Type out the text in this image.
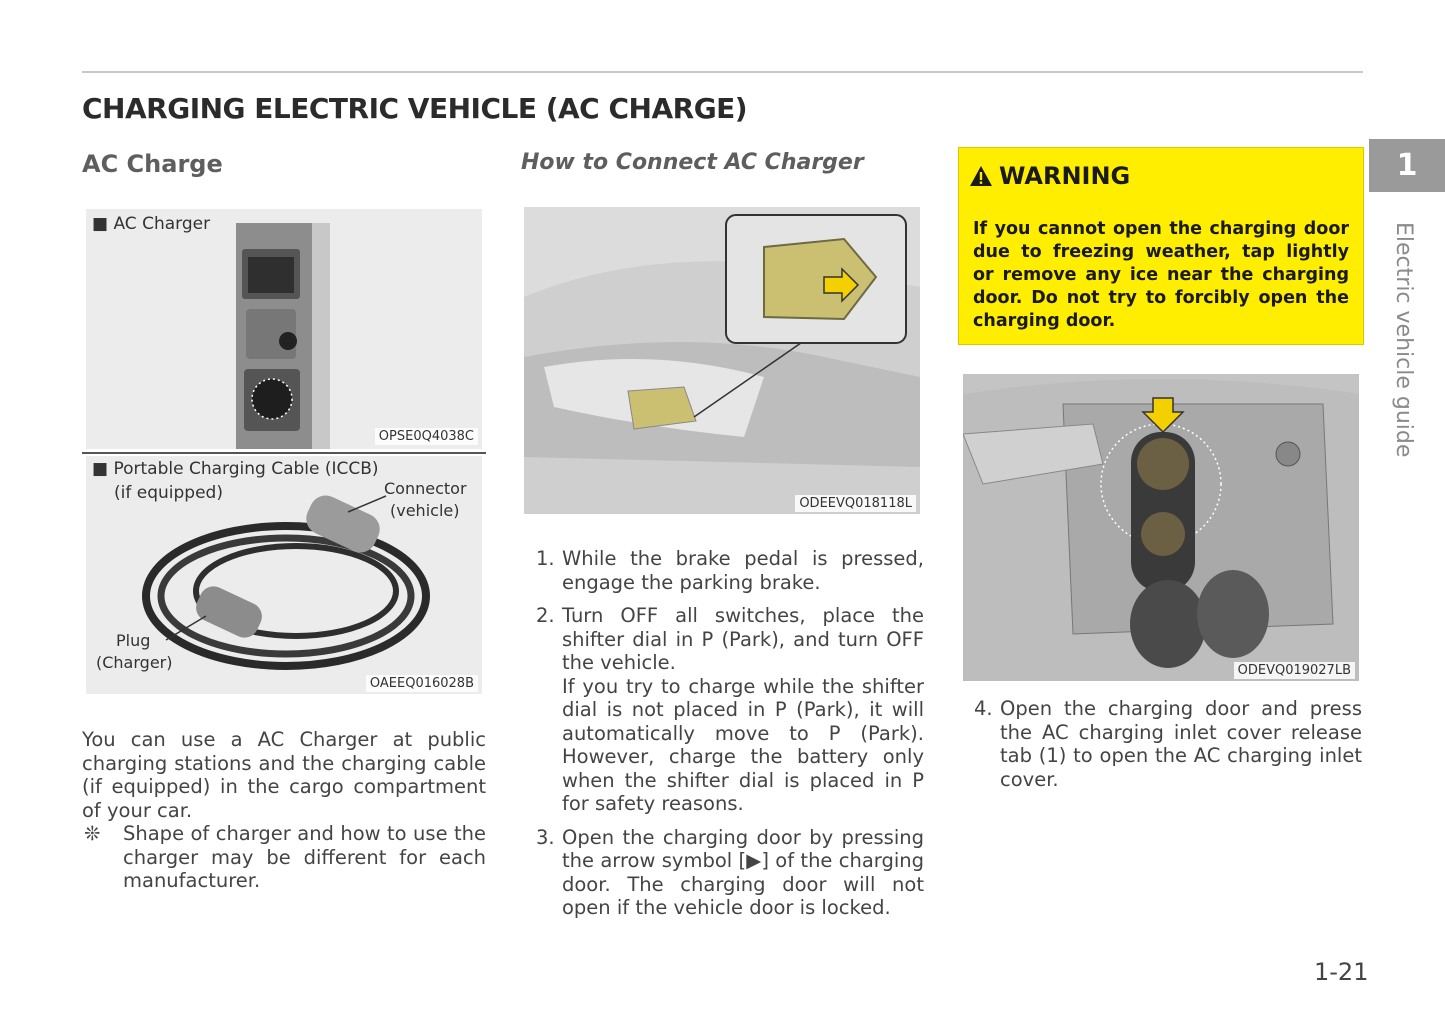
CHARGING ELECTRIC VEHICLE (AC CHARGE)
AC Charge
■ AC Charger
OPSE0Q4038C
■ Portable Charging Cable (ICCB)
(if equipped)	Connector
(vehicle)
Plug
(Charger)
OAEEQ016028B
You can use a AC Charger at public charging stations and the charging cable (if equipped) in the cargo compartment of your car.
❊ Shape of charger and how to use the charger may be different for each manufacturer.
How to Connect AC Charger
ODEEVQ018118L
1. While the brake pedal is pressed, engage the parking brake.
2. Turn OFF all switches, place the shifter dial in P (Park), and turn OFF the vehicle.
If you try to charge while the shifter dial is not placed in P (Park), it will automatically move to P (Park). However, charge the battery only when the shifter dial is placed in P for safety reasons.
3. Open the charging door by pressing the arrow symbol [▶] of the charging door. The charging door will not open if the vehicle door is locked.
WARNING
If you cannot open the charging door due to freezing weather, tap lightly or remove any ice near the charging door. Do not try to forcibly open the charging door.
ODEVQ019027LB
4. Open the charging door and press the AC charging inlet cover release tab (1) to open the AC charging inlet cover.
1
Electric vehicle guide
1-21
